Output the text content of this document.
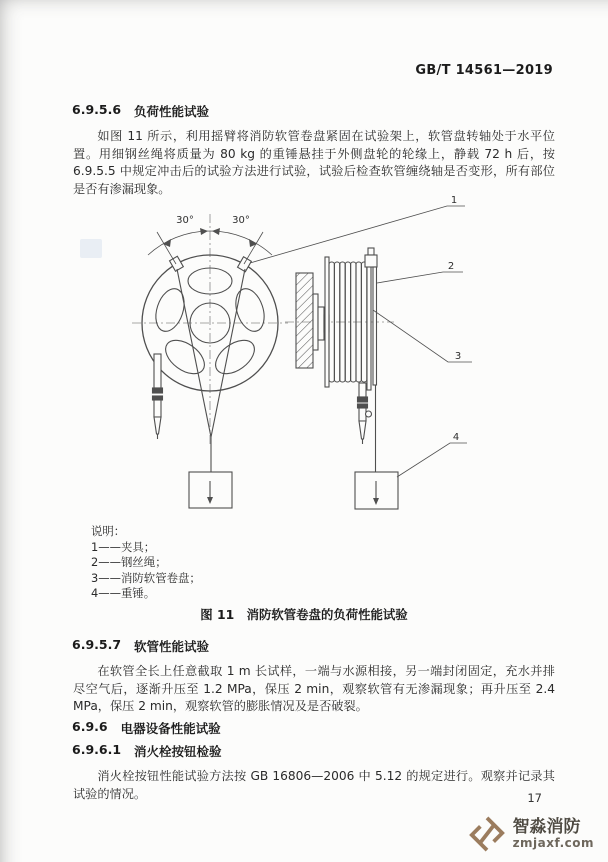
GB/T 14561—2019
6.9.5.6 负荷性能试验
如图 11 所示，利用摇臂将消防软管卷盘紧固在试验架上，软管盘转轴处于水平位置。用细钢丝绳将质量为 80 kg 的重锤悬挂于外侧盘轮的轮缘上，静载 72 h 后，按 6.9.5.5 中规定冲击后的试验方法进行试验，试验后检查软管缠绕轴是否变形，所有部位是否有渗漏现象。
30°	30°
1
2
3
4
说明：
1——夹具；
2——钢丝绳；
3——消防软管卷盘；
4——重锤。
图 11　消防软管卷盘的负荷性能试验
6.9.5.7 软管性能试验
在软管全长上任意截取 1 m 长试样，一端与水源相接，另一端封闭固定，充水并排尽空气后，逐渐升压至 1.2 MPa，保压 2 min，观察软管有无渗漏现象；再升压至 2.4 MPa，保压 2 min，观察软管的膨胀情况及是否破裂。
6.9.6 电器设备性能试验
6.9.6.1 消火栓按钮检验
消火栓按钮性能试验方法按 GB 16806—2006 中 5.12 的规定进行。观察并记录其试验的情况。	17
智淼消防
zmjaxf.com
